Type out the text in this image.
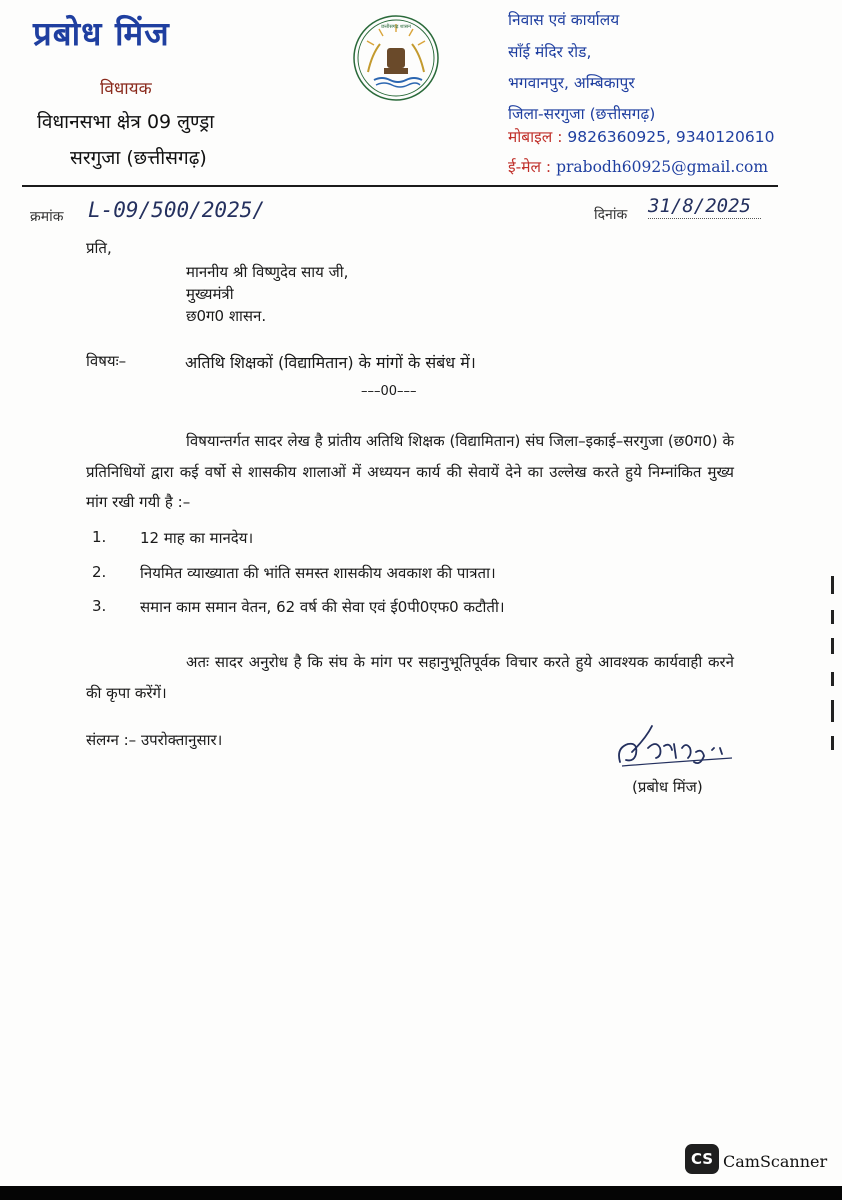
प्रबोध मिंज
विधायक
विधानसभा क्षेत्र 09 लुण्ड्रा
सरगुजा (छत्तीसगढ़)
छत्तीसगढ़ शासन	निवास एवं कार्यालय
साँई मंदिर रोड,
भगवानपुर, अम्बिकापुर
जिला-सरगुजा (छत्तीसगढ़)
मोबाइल : 9826360925, 9340120610
ई-मेल : prabodh60925@gmail.com
क्रमांक L-09/500/2025/	दिनांक 31/8/2025
प्रति,
माननीय श्री विष्णुदेव साय जी,
मुख्यमंत्री
छ0ग0 शासन.
विषयः–	अतिथि शिक्षकों (विद्यामितान) के मांगों के संबंध में।
–––00–––
विषयान्तर्गत सादर लेख है प्रांतीय अतिथि शिक्षक (विद्यामितान) संघ जिला–इकाई–सरगुजा (छ0ग0) के प्रतिनिधियों द्वारा कई वर्षो से शासकीय शालाओं में अध्ययन कार्य की सेवायें देने का उल्लेख करते हुये निम्नांकित मुख्य मांग रखी गयी है :–
1. 12 माह का मानदेय।
2. नियमित व्याख्याता की भांति समस्त शासकीय अवकाश की पात्रता।
3. समान काम समान वेतन, 62 वर्ष की सेवा एवं ई0पी0एफ0 कटौती।
अतः सादर अनुरोध है कि संघ के मांग पर सहानुभूतिपूर्वक विचार करते हुये आवश्यक कार्यवाही करने की कृपा करेंगें।
संलग्न :– उपरोक्तानुसार।
(प्रबोध मिंज)
CS CamScanner
